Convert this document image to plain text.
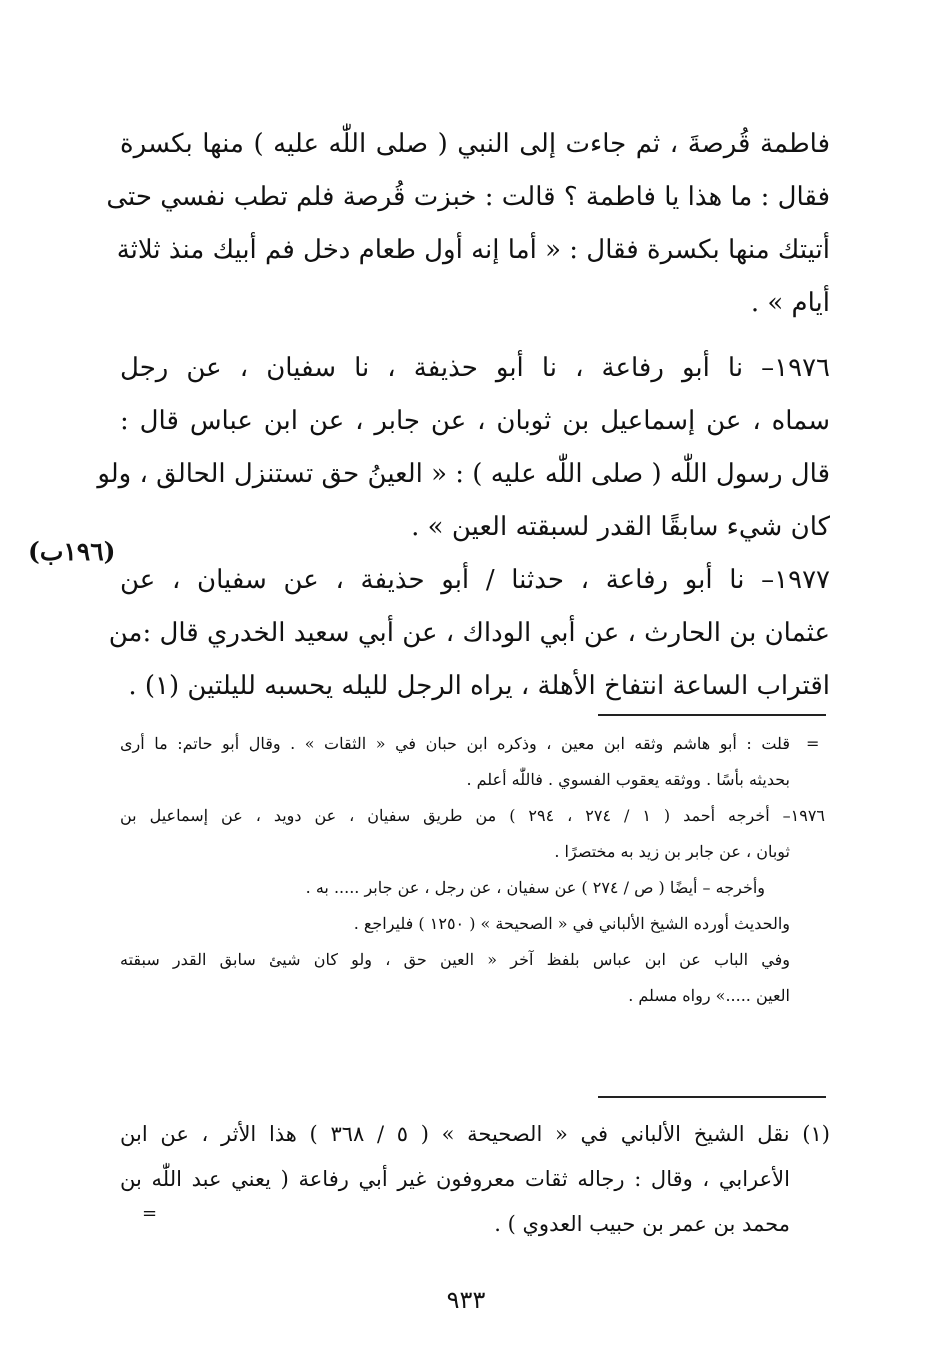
فاطمة قُرصةَ ، ثم جاءت إلى النبي ( صلى اللّٰه عليه ) منها بكسرة
فقال : ما هذا يا فاطمة ؟ قالت : خبزت قُرصة فلم تطب نفسي حتى
أتيتك منها بكسرة فقال : « أما إنه أول طعام دخل فم أبيك منذ ثلاثة
أيام » .
١٩٧٦– نا أبو رفاعة ، نا أبو حذيفة ، نا سفيان ، عن رجل
سماه ، عن إسماعيل بن ثوبان ، عن جابر ، عن ابن عباس قال :
قال رسول اللّٰه ( صلى اللّٰه عليه ) : « العينُ حق تستنزل الحالق ، ولو
كان شيء سابقًا القدر لسبقته العين » .
١٩٧٧– نا أبو رفاعة ، حدثنا / أبو حذيفة ، عن سفيان ، عن
عثمان بن الحارث ، عن أبي الوداك ، عن أبي سعيد الخدري قال :من
اقتراب الساعة انتفاخ الأهلة ، يراه الرجل لليله يحسبه لليلتين (١) .
(١٩٦ب)
=
قلت : أبو هاشم وثقه ابن معين ، وذكره ابن حبان في « الثقات » . وقال أبو حاتم: ما أرى
بحديثه بأسًا . ووثقه يعقوب الفسوي . فاللّٰه أعلم .
١٩٧٦– أخرجه أحمد ( ١ / ٢٧٤ ، ٢٩٤ ) من طريق سفيان ، عن دويد ، عن إسماعيل بن
ثوبان ، عن جابر بن زيد به مختصرًا .
وأخرجه – أيضًا ( ص / ٢٧٤ ) عن سفيان ، عن رجل ، عن جابر ..... به .
والحديث أورده الشيخ الألباني في « الصحيحة » ( ١٢٥٠ ) فليراجع .
وفي الباب عن ابن عباس بلفظ آخر « العين حق ، ولو كان شيئ سابق القدر سبقته
العين .....» رواه مسلم .
(١) نقل الشيخ الألباني في « الصحيحة » ( ٥ / ٣٦٨ ) هذا الأثر ، عن ابن
الأعرابي ، وقال : رجاله ثقات معروفون غير أبي رفاعة ( يعني عبد اللّٰه بن
محمد بن عمر بن حبيب العدوي ) .
=
٩٣٣
